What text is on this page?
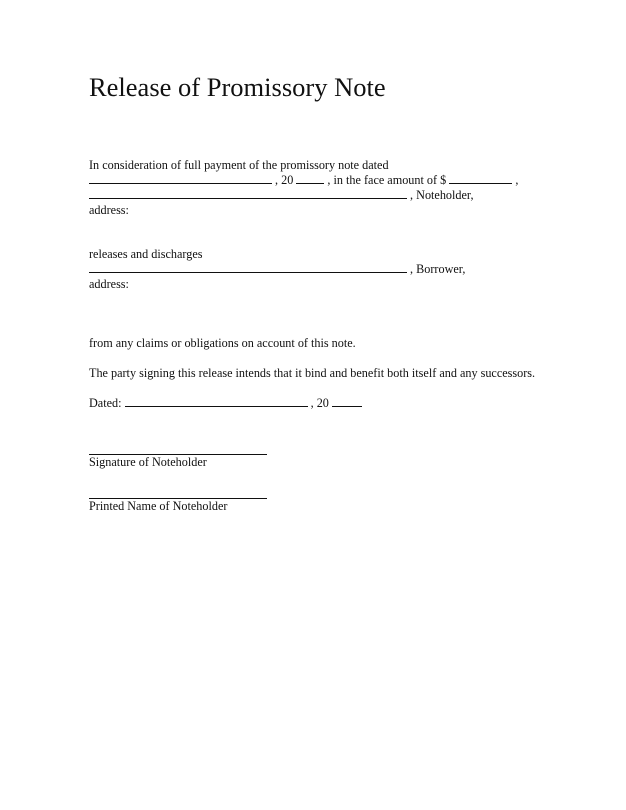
Release of Promissory Note
In consideration of full payment of the promissory note dated
, 20	, in the face amount of $	,
, Noteholder,
address:
releases and discharges
, Borrower,
address:
from any claims or obligations on account of this note.
The party signing this release intends that it bind and benefit both itself and any successors.
Dated:	, 20
Signature of Noteholder
Printed Name of Noteholder
